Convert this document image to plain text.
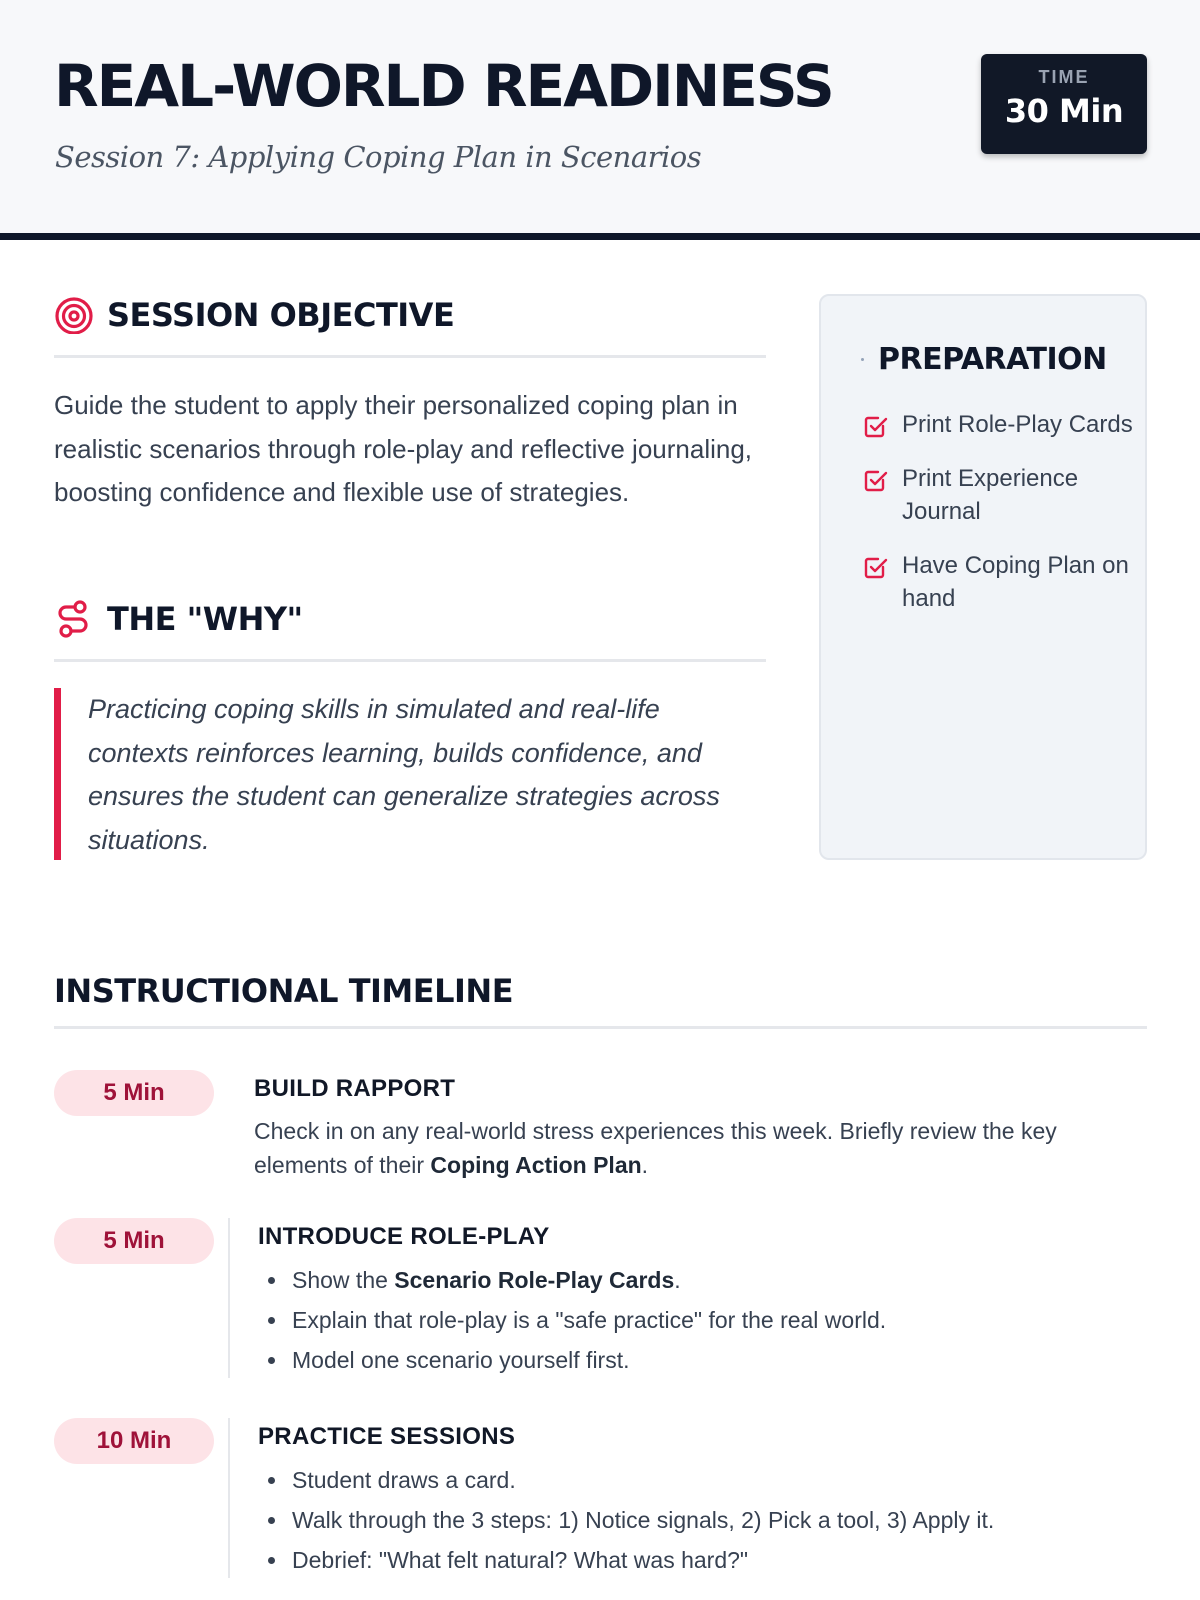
REAL-WORLD READINESS
Session 7: Applying Coping Plan in Scenarios
TIME
30 Min
SESSION OBJECTIVE

Guide the student to apply their personalized coping plan in realistic scenarios through role-play and reflective journaling, boosting confidence and flexible use of strategies.

THE "WHY"
Practicing coping skills in simulated and real-life contexts reinforces learning, builds confidence, and ensures the student can generalize strategies across situations.
PREPARATION
Print Role-Play Cards
Print Experience Journal
Have Coping Plan on hand
INSTRUCTIONAL TIMELINE
5 Min	BUILD RAPPORT

Check in on any real-world stress experiences this week. Briefly review the key elements of their Coping Action Plan.

5 Min	INTRODUCE ROLE-PLAY
Show the Scenario Role-Play Cards.
Explain that role-play is a "safe practice" for the real world.
Model one scenario yourself first.
10 Min	PRACTICE SESSIONS
Student draws a card.
Walk through the 3 steps: 1) Notice signals, 2) Pick a tool, 3) Apply it.
Debrief: "What felt natural? What was hard?"
